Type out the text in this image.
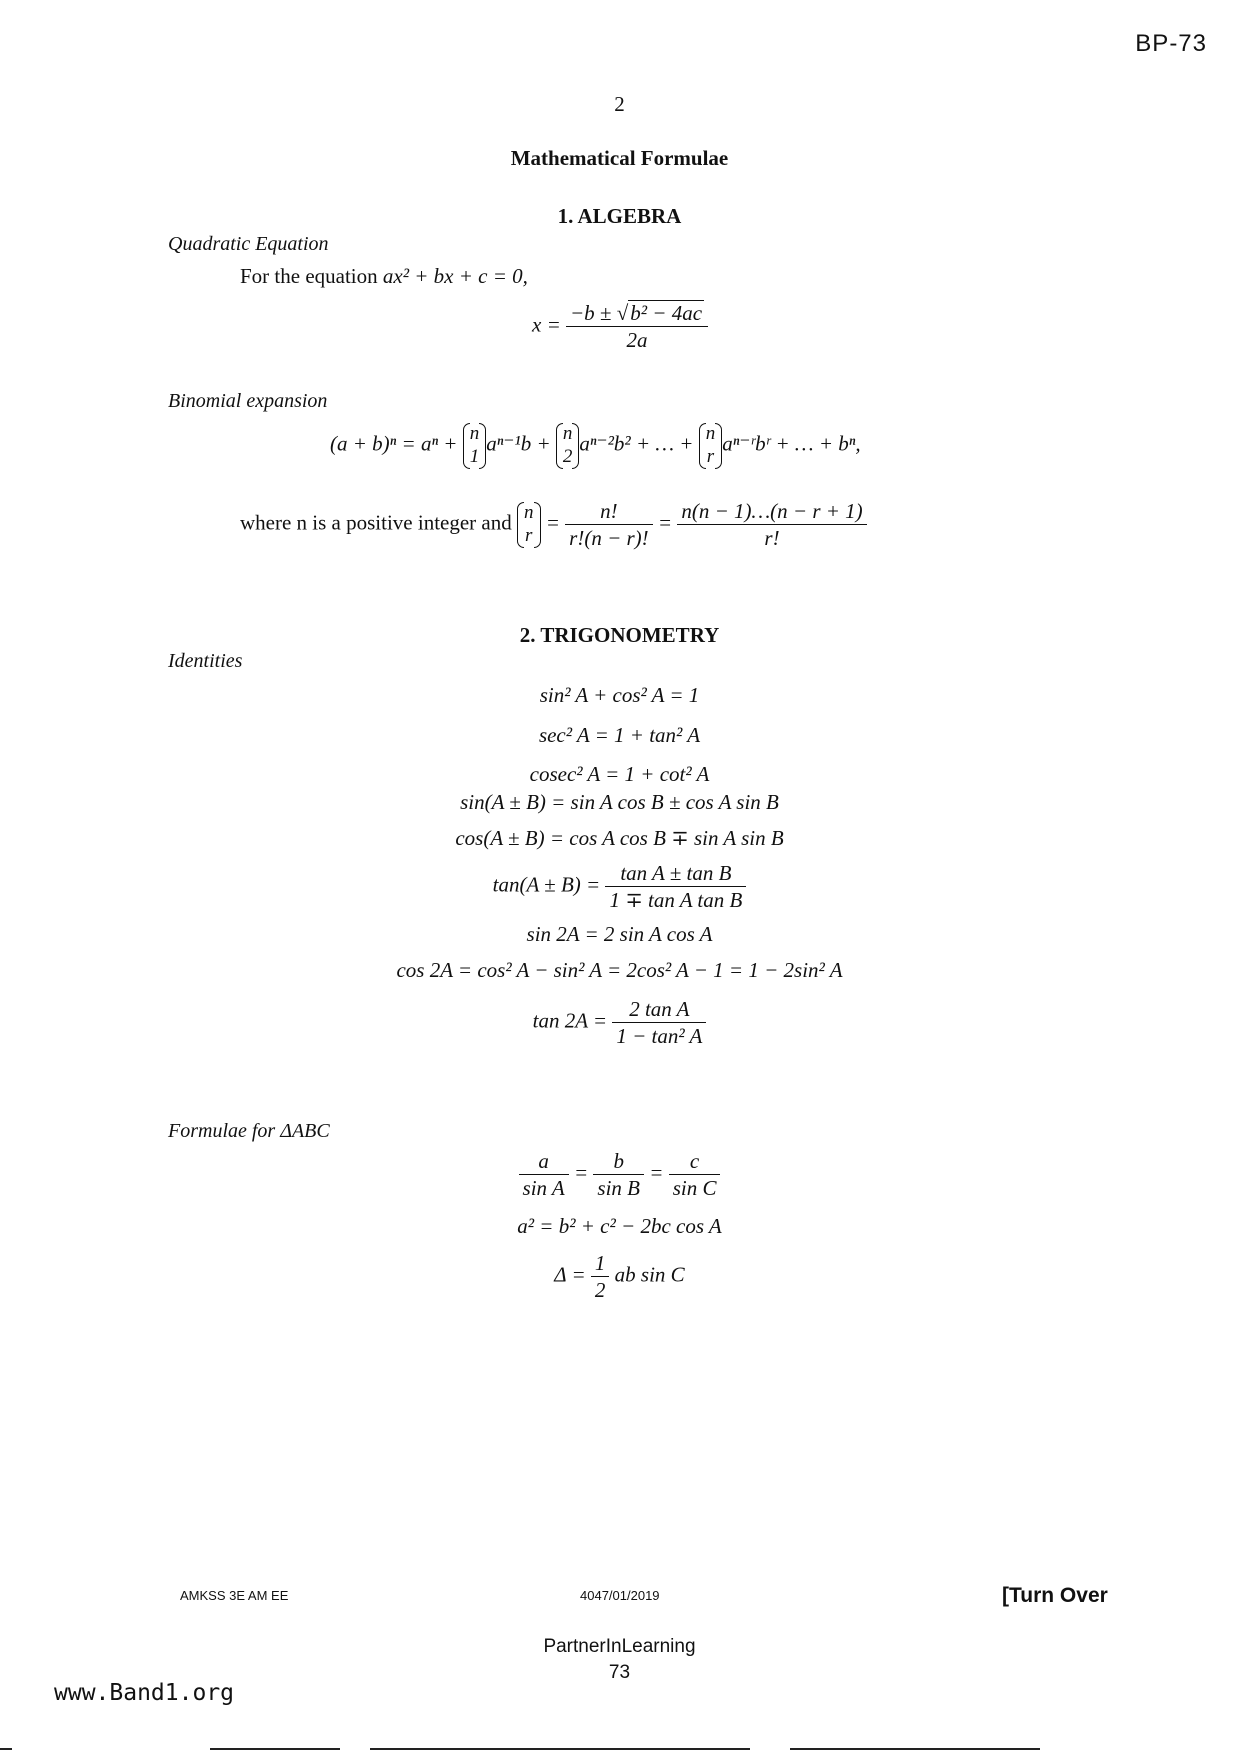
BP-73
2
Mathematical Formulae
1. ALGEBRA
Quadratic Equation
For the equation ax² + bx + c = 0,
$x = \frac{\text{−b ± √b² − 4ac}}{2a}$
Binomial expansion
(a + b)ⁿ = aⁿ + n
1
aⁿ⁻¹b + n
2
aⁿ⁻²b² + … + n
r
aⁿ⁻ʳbʳ + … + bⁿ,
where n is a positive integer and n
r
= $\frac{n!}{r!(n - r)!} = \frac{n(n - 1)\dots(n - r + 1)}{r!}$
2. TRIGONOMETRY
Identities
sin² A + cos² A = 1
sec² A = 1 + tan² A
cosec² A = 1 + cot² A
sin(A ± B) = sin A cos B ± cos A sin B
cos(A ± B) = cos A cos B ∓ sin A sin B
$\tan(A \pm B) = \frac{\text{tan A ± tan B}}{\text{1 ∓ tan A tan B}}$
sin 2A = 2 sin A cos A
cos 2A = cos² A − sin² A = 2cos² A − 1 = 1 − 2sin² A
$\tan 2A = \frac{\text{2 tan A}}{\text{1 − tan² A}}$
Formulae for ΔABC
$\frac{a}{\text{sin A}} = \frac{b}{\text{sin B}} = \frac{c}{\text{sin C}}$
a² = b² + c² − 2bc cos A
$\Delta = \frac{1}{2}$ ab sin C
AMKSS 3E AM EE	4047/01/2019	[Turn Over
PartnerInLearning
73
www.Band1.org
